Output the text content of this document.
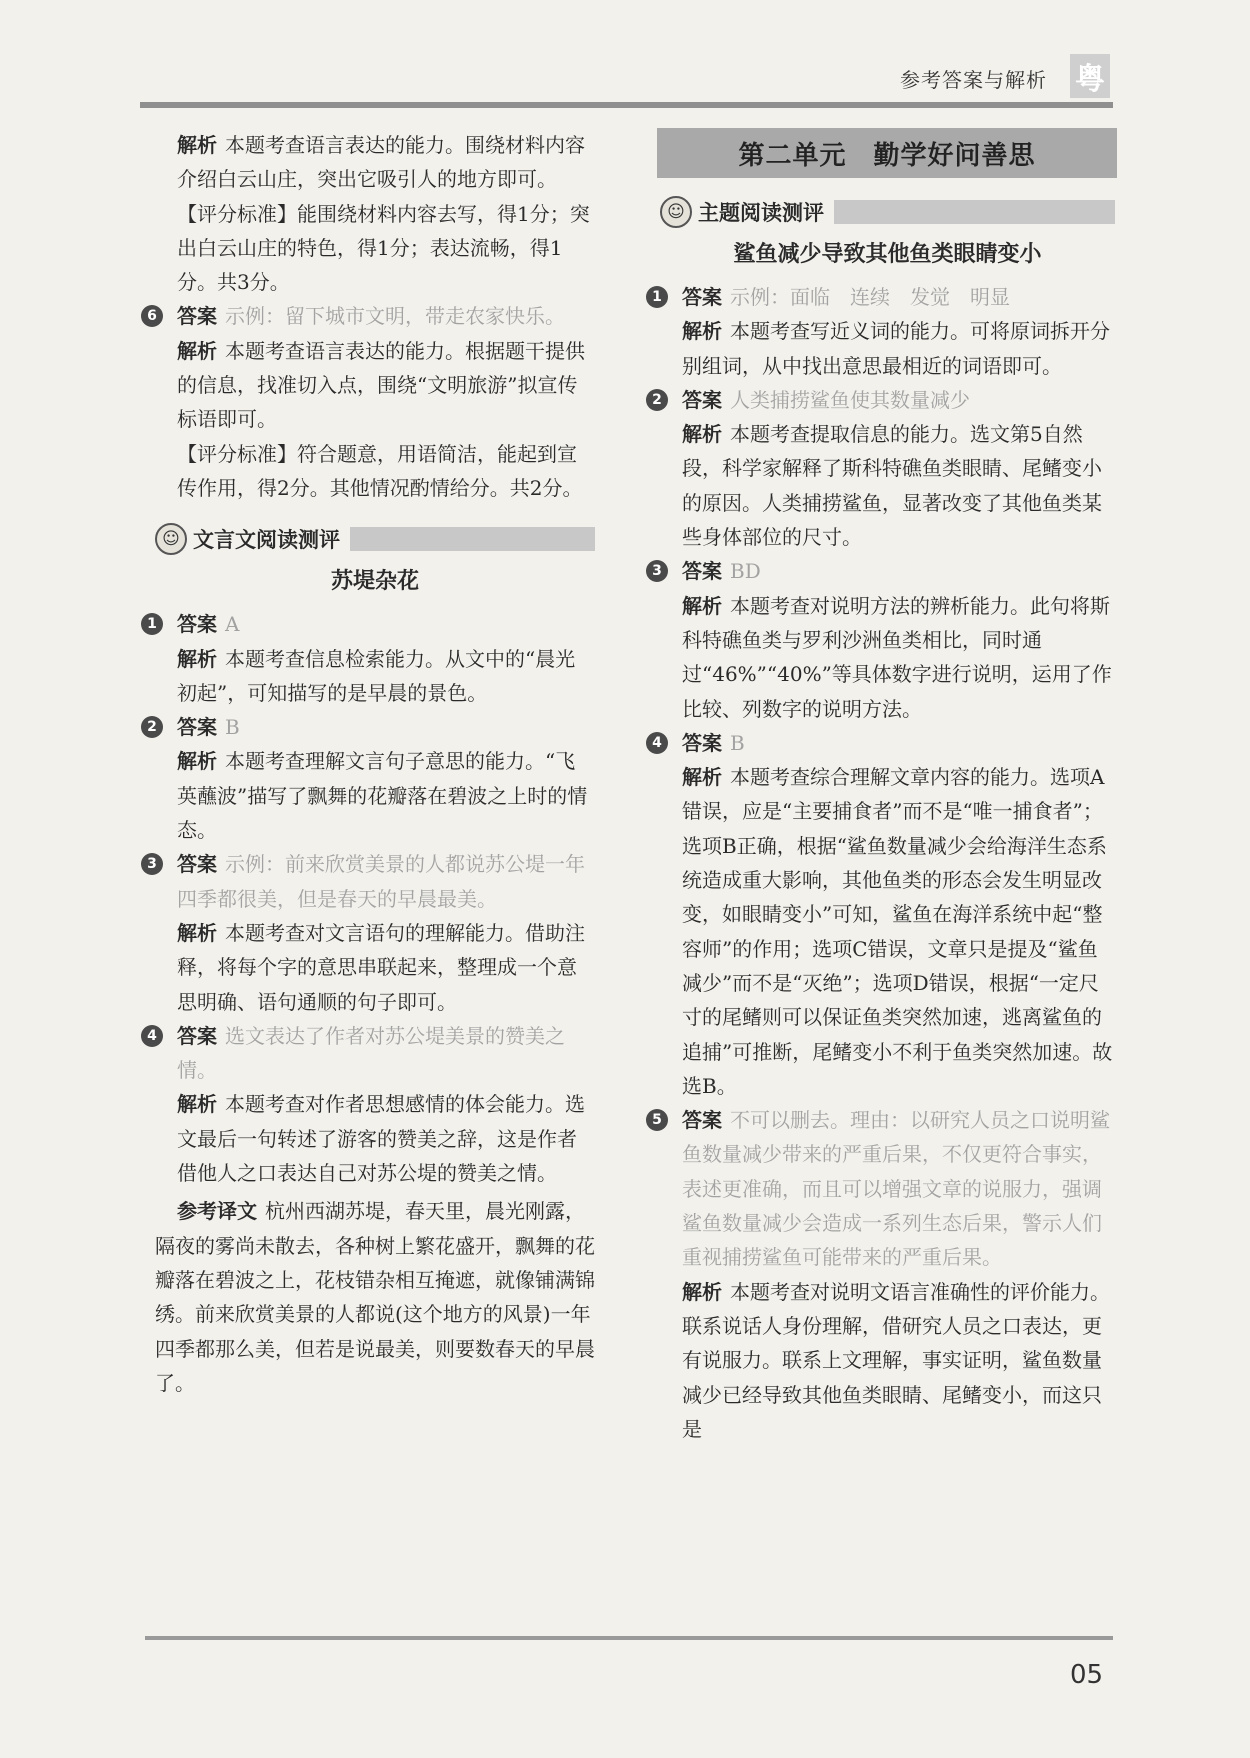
参考答案与解析 粤

解析 本题考查语言表达的能力。围绕材料内容介绍白云山庄，突出它吸引人的地方即可。

【评分标准】能围绕材料内容去写，得1分；突出白云山庄的特色，得1分；表达流畅，得1分。共3分。

6	答案 示例：留下城市文明，带走农家快乐。

解析 本题考查语言表达的能力。根据题干提供的信息，找准切入点，围绕“文明旅游”拟宣传标语即可。

【评分标准】符合题意，用语简洁，能起到宣传作用，得2分。其他情况酌情给分。共2分。

☺ 文言文阅读测评
苏堤杂花
1	答案 A

解析 本题考查信息检索能力。从文中的“晨光初起”，可知描写的是早晨的景色。

2	答案 B

解析 本题考查理解文言句子意思的能力。“飞英蘸波”描写了飘舞的花瓣落在碧波之上时的情态。

3	答案 示例：前来欣赏美景的人都说苏公堤一年四季都很美，但是春天的早晨最美。

解析 本题考查对文言语句的理解能力。借助注释，将每个字的意思串联起来，整理成一个意思明确、语句通顺的句子即可。

4	答案 选文表达了作者对苏公堤美景的赞美之情。

解析 本题考查对作者思想感情的体会能力。选文最后一句转述了游客的赞美之辞，这是作者借他人之口表达自己对苏公堤的赞美之情。

参考译文 杭州西湖苏堤，春天里，晨光刚露，隔夜的雾尚未散去，各种树上繁花盛开，飘舞的花瓣落在碧波之上，花枝错杂相互掩遮，就像铺满锦绣。前来欣赏美景的人都说(这个地方的风景)一年四季都那么美，但若是说最美，则要数春天的早晨了。

第二单元　勤学好问善思
☺ 主题阅读测评
鲨鱼减少导致其他鱼类眼睛变小
1	答案 示例：面临　连续　发觉　明显

解析 本题考查写近义词的能力。可将原词拆开分别组词，从中找出意思最相近的词语即可。

2	答案 人类捕捞鲨鱼使其数量减少

解析 本题考查提取信息的能力。选文第5自然段，科学家解释了斯科特礁鱼类眼睛、尾鳍变小的原因。人类捕捞鲨鱼，显著改变了其他鱼类某些身体部位的尺寸。

3	答案 BD

解析 本题考查对说明方法的辨析能力。此句将斯科特礁鱼类与罗利沙洲鱼类相比，同时通过“46%”“40%”等具体数字进行说明，运用了作比较、列数字的说明方法。

4	答案 B

解析 本题考查综合理解文章内容的能力。选项A错误，应是“主要捕食者”而不是“唯一捕食者”；选项B正确，根据“鲨鱼数量减少会给海洋生态系统造成重大影响，其他鱼类的形态会发生明显改变，如眼睛变小”可知，鲨鱼在海洋系统中起“整容师”的作用；选项C错误，文章只是提及“鲨鱼减少”而不是“灭绝”；选项D错误，根据“一定尺寸的尾鳍则可以保证鱼类突然加速，逃离鲨鱼的追捕”可推断，尾鳍变小不利于鱼类突然加速。故选B。

5	答案 不可以删去。理由：以研究人员之口说明鲨鱼数量减少带来的严重后果，不仅更符合事实，表述更准确，而且可以增强文章的说服力，强调鲨鱼数量减少会造成一系列生态后果，警示人们重视捕捞鲨鱼可能带来的严重后果。

解析 本题考查对说明文语言准确性的评价能力。联系说话人身份理解，借研究人员之口表达，更有说服力。联系上文理解，事实证明，鲨鱼数量减少已经导致其他鱼类眼睛、尾鳍变小，而这只是

05
